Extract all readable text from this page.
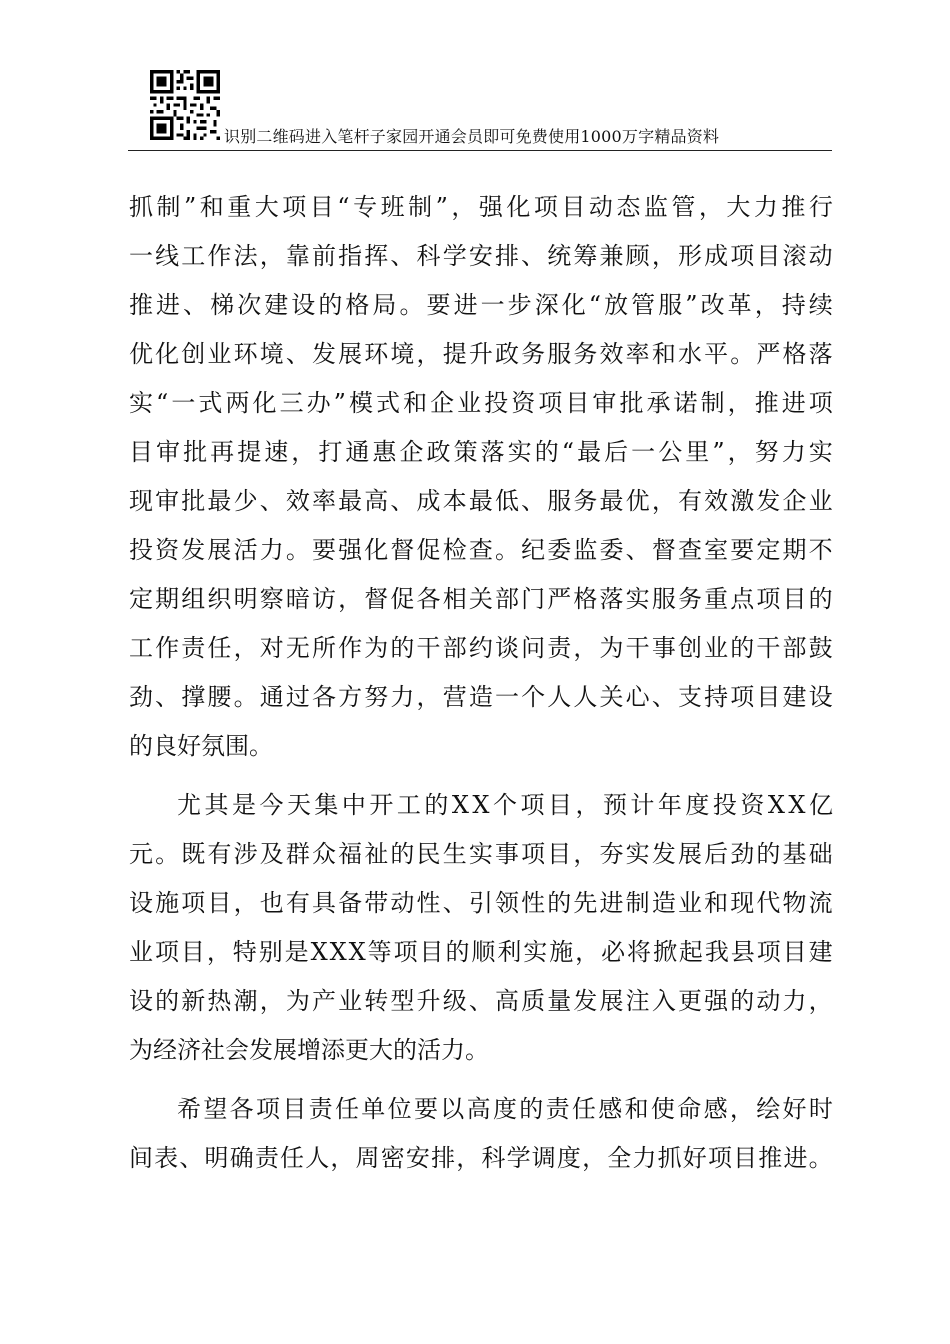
识别二维码进入笔杆子家园开通会员即可免费使用1000万字精品资料
抓 制 ” 和 重 大 项 目 “ 专 班 制 ” ， 强 化 项 目 动 态 监 管 ， 大 力 推 行
一 线 工 作 法 ， 靠 前 指 挥 、 科 学 安 排 、 统 筹 兼 顾 ， 形 成 项 目 滚 动
推 进 、 梯 次 建 设 的 格 局 。 要 进 一 步 深 化 “ 放 管 服 ” 改 革 ， 持 续
优 化 创 业 环 境 、 发 展 环 境 ， 提 升 政 务 服 务 效 率 和 水 平 。 严 格 落
实 “ 一 式 两 化 三 办 ” 模 式 和 企 业 投 资 项 目 审 批 承 诺 制 ， 推 进 项
目 审 批 再 提 速 ， 打 通 惠 企 政 策 落 实 的 “ 最 后 一 公 里 ” ， 努 力 实
现 审 批 最 少 、 效 率 最 高 、 成 本 最 低 、 服 务 最 优 ， 有 效 激 发 企 业
投 资 发 展 活 力 。 要 强 化 督 促 检 查 。 纪 委 监 委 、 督 查 室 要 定 期 不
定 期 组 织 明 察 暗 访 ， 督 促 各 相 关 部 门 严 格 落 实 服 务 重 点 项 目 的
工 作 责 任 ， 对 无 所 作 为 的 干 部 约 谈 问 责 ， 为 干 事 创 业 的 干 部 鼓
劲 、 撑 腰 。 通 过 各 方 努 力 ， 营 造 一 个 人 人 关 心 、 支 持 项 目 建 设
的良好氛围。
尤 其 是 今 天 集 中 开 工 的 X X 个 项 目 ， 预 计 年 度 投 资 X X 亿
元 。 既 有 涉 及 群 众 福 祉 的 民 生 实 事 项 目 ， 夯 实 发 展 后 劲 的 基 础
设 施 项 目 ， 也 有 具 备 带 动 性 、 引 领 性 的 先 进 制 造 业 和 现 代 物 流
业 项 目 ， 特 别 是 X X X 等 项 目 的 顺 利 实 施 ， 必 将 掀 起 我 县 项 目 建
设 的 新 热 潮 ， 为 产 业 转 型 升 级 、 高 质 量 发 展 注 入 更 强 的 动 力 ，
为经济社会发展增添更大的活力。
希 望 各 项 目 责 任 单 位 要 以 高 度 的 责 任 感 和 使 命 感 ， 绘 好 时
间 表 、 明 确 责 任 人 ， 周 密 安 排 ， 科 学 调 度 ， 全 力 抓 好 项 目 推 进 。
